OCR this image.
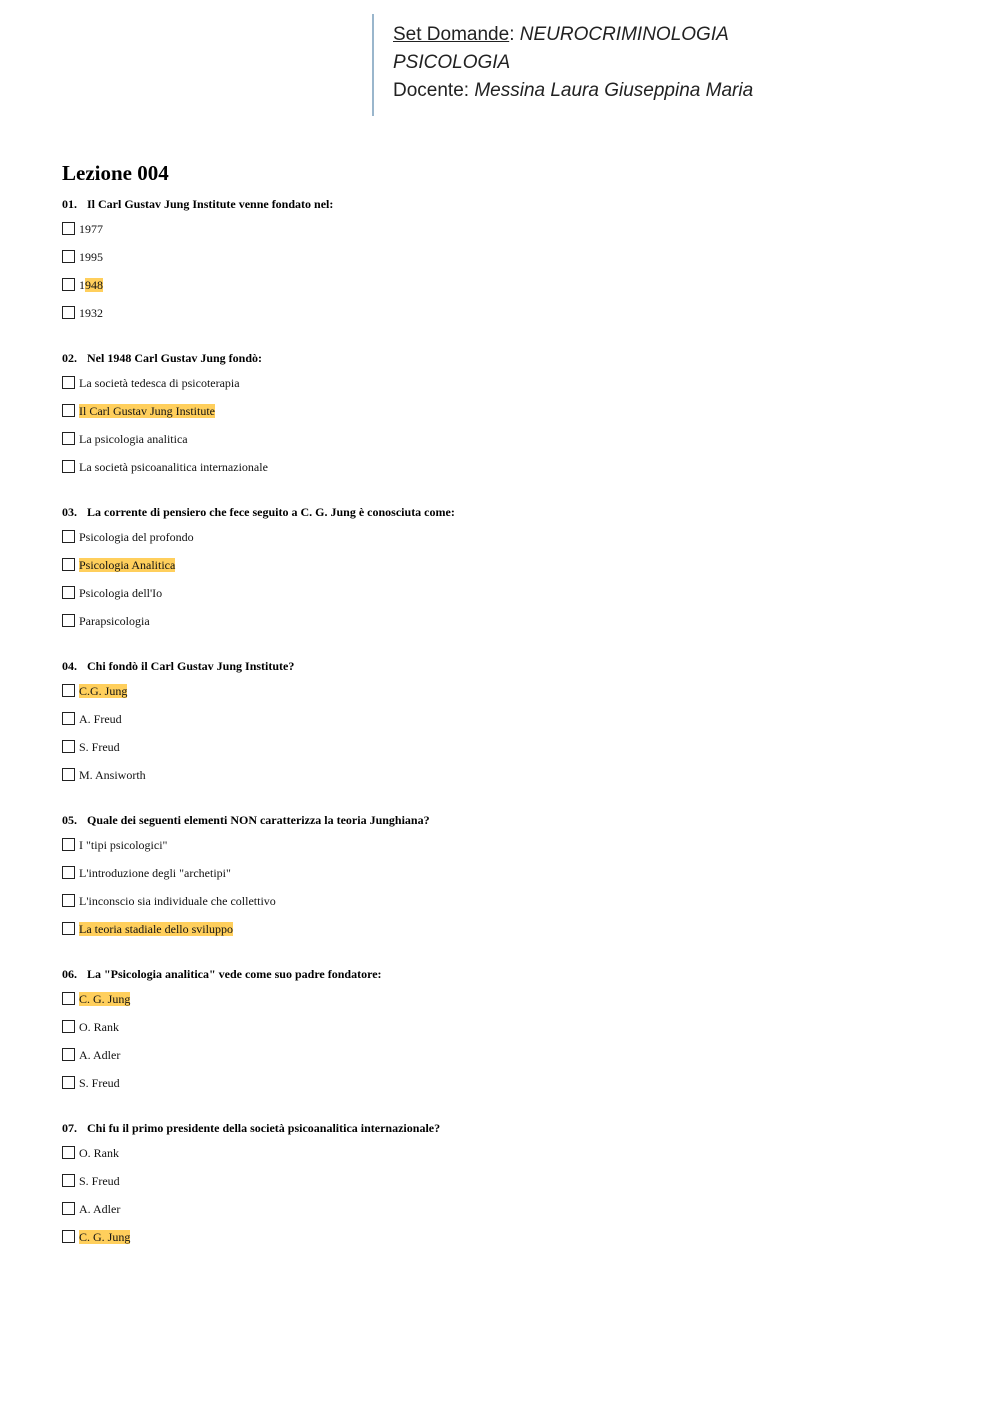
Set Domande: NEUROCRIMINOLOGIA
PSICOLOGIA
Docente: Messina Laura Giuseppina Maria
Lezione 004
01. Il Carl Gustav Jung Institute venne fondato nel:
1977
1995
1948
1932
02. Nel 1948 Carl Gustav Jung fondò:
La società tedesca di psicoterapia
Il Carl Gustav Jung Institute
La psicologia analitica
La società psicoanalitica internazionale
03. La corrente di pensiero che fece seguito a C. G. Jung è conosciuta come:
Psicologia del profondo
Psicologia Analitica
Psicologia dell'Io
Parapsicologia
04. Chi fondò il Carl Gustav Jung Institute?
C.G. Jung
A. Freud
S. Freud
M. Ansiworth
05. Quale dei seguenti elementi NON caratterizza la teoria Junghiana?
I "tipi psicologici"
L'introduzione degli "archetipi"
L'inconscio sia individuale che collettivo
La teoria stadiale dello sviluppo
06. La "Psicologia analitica" vede come suo padre fondatore:
C. G. Jung
O. Rank
A. Adler
S. Freud
07. Chi fu il primo presidente della società psicoanalitica internazionale?
O. Rank
S. Freud
A. Adler
C. G. Jung
